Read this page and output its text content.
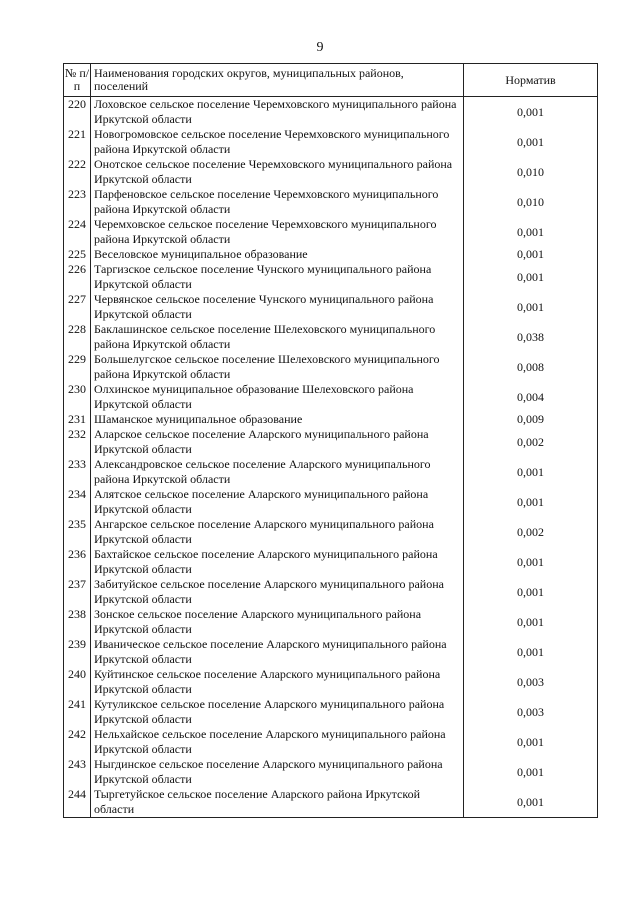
9
№ п/п	Наименования городских округов, муниципальных районов, поселений	Норматив
220	Лоховское сельское поселение Черемховского муниципального района Иркутской области	0,001
221	Новогромовское сельское поселение Черемховского муниципального района Иркутской области	0,001
222	Онотское сельское поселение Черемховского муниципального района Иркутской области	0,010
223	Парфеновское сельское поселение Черемховского муниципального района Иркутской области	0,010
224	Черемховское сельское поселение Черемховского муниципального района Иркутской области	0,001
225	Веселовское муниципальное образование	0,001
226	Таргизское сельское поселение Чунского муниципального района Иркутской области	0,001
227	Червянское сельское поселение Чунского муниципального района Иркутской области	0,001
228	Баклашинское сельское поселение Шелеховского муниципального района Иркутской области	0,038
229	Большелугское сельское поселение Шелеховского муниципального района Иркутской области	0,008
230	Олхинское муниципальное образование Шелеховского района Иркутской области	0,004
231	Шаманское муниципальное образование	0,009
232	Аларское сельское поселение Аларского муниципального района Иркутской области	0,002
233	Александровское сельское поселение Аларского муниципального района Иркутской области	0,001
234	Алятское сельское поселение Аларского муниципального района Иркутской области	0,001
235	Ангарское сельское поселение Аларского муниципального района Иркутской области	0,002
236	Бахтайское сельское поселение Аларского муниципального района Иркутской области	0,001
237	Забитуйское сельское поселение Аларского муниципального района Иркутской области	0,001
238	Зонское сельское поселение Аларского муниципального района Иркутской области	0,001
239	Иваническое сельское поселение Аларского муниципального района Иркутской области	0,001
240	Куйтинское сельское поселение Аларского муниципального района Иркутской области	0,003
241	Кутуликское сельское поселение Аларского муниципального района Иркутской области	0,003
242	Нельхайское сельское поселение Аларского муниципального района Иркутской области	0,001
243	Ныгдинское сельское поселение Аларского муниципального района Иркутской области	0,001
244	Тыргетуйское сельское поселение Аларского района Иркутской области	0,001
